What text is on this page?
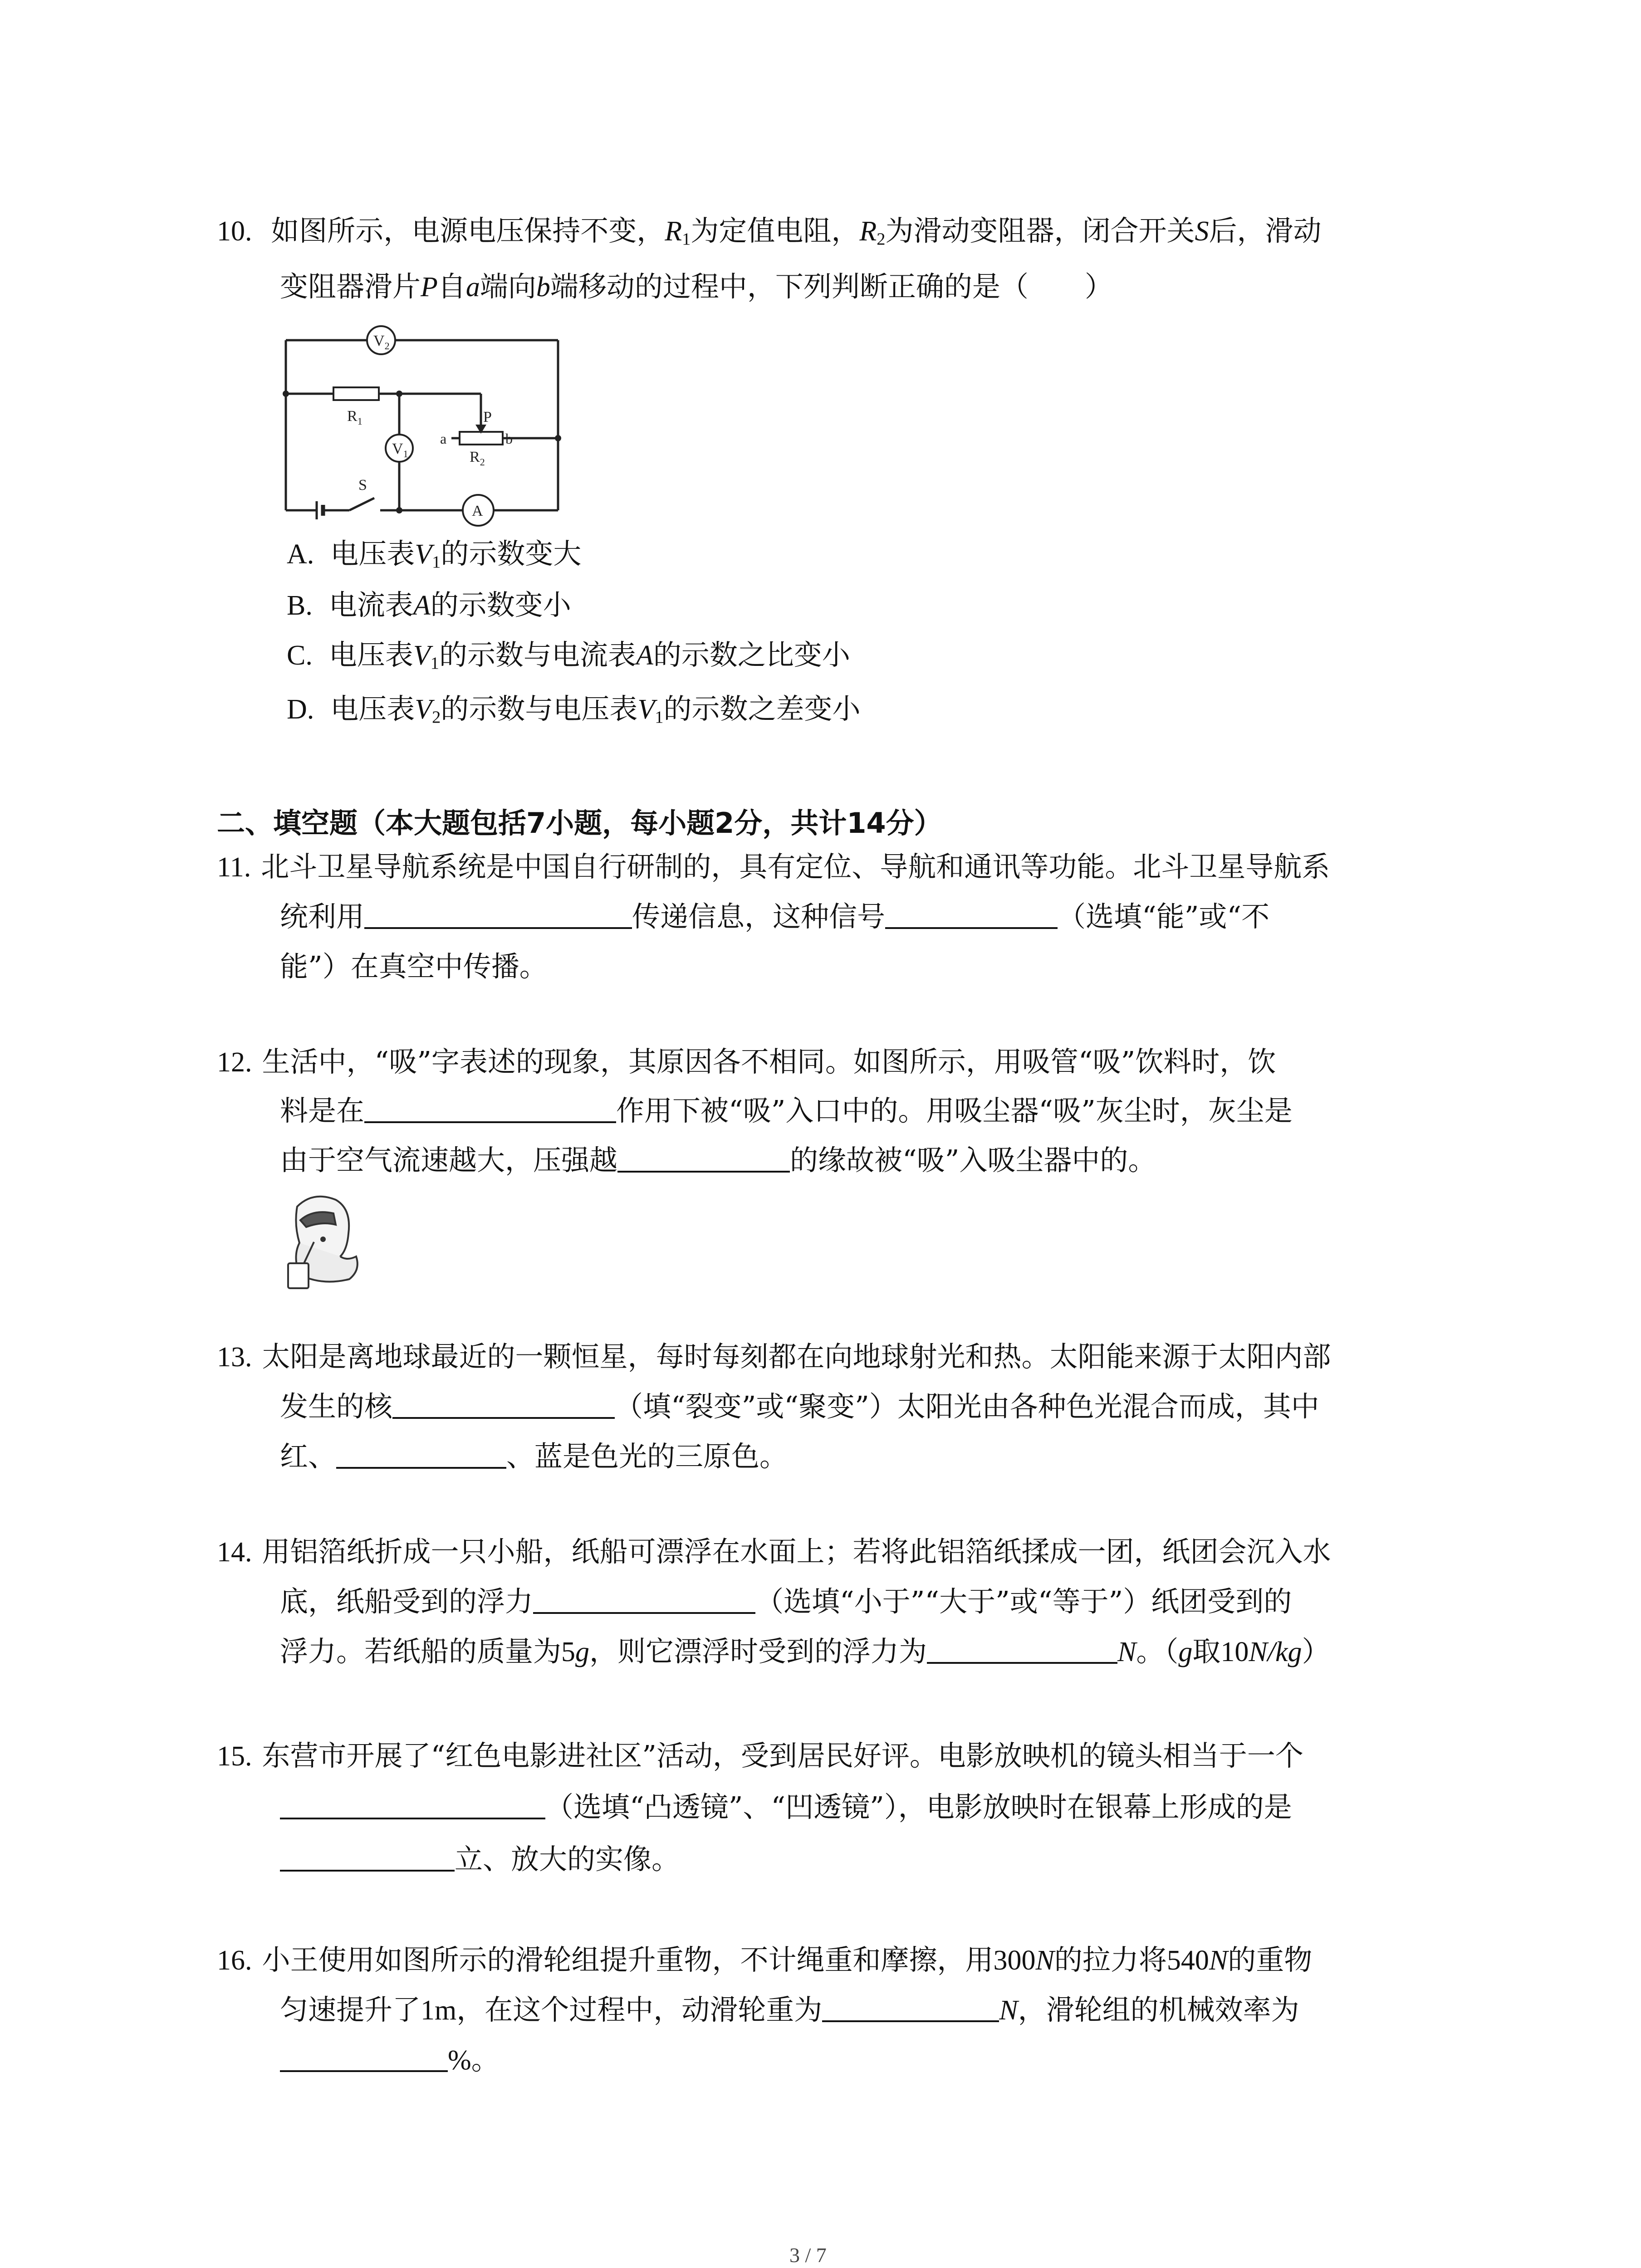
10. 如图所示，电源电压保持不变，$R_1$为定值电阻，$R_2$为滑动变阻器，闭合开关S后，滑动
变阻器滑片P自a端向b端移动的过程中，下列判断正确的是（　　）
$V_2$
$R_1$
$V_1$
P
a	b
$R_2$
S
A
A. 电压表$V_1$的示数变大
B. 电流表A的示数变小
C. 电压表$V_1$的示数与电流表A的示数之比变小
D. 电压表$V_2$的示数与电压表$V_1$的示数之差变小
二、填空题（本大题包括7小题，每小题2分，共计14分）
11. 北斗卫星导航系统是中国自行研制的，具有定位、导航和通讯等功能。北斗卫星导航系
统利用	传递信息，这种信号	（选填“能”或“不
能”）在真空中传播。
12. 生活中，“吸”字表述的现象，其原因各不相同。如图所示，用吸管“吸”饮料时，饮
料是在	作用下被“吸”入口中的。用吸尘器“吸”灰尘时，灰尘是
由于空气流速越大，压强越	的缘故被“吸”入吸尘器中的。
13. 太阳是离地球最近的一颗恒星，每时每刻都在向地球射光和热。太阳能来源于太阳内部
发生的核	（填“裂变”或“聚变”）太阳光由各种色光混合而成，其中
红、	、蓝是色光的三原色。
14. 用铝箔纸折成一只小船，纸船可漂浮在水面上；若将此铝箔纸揉成一团，纸团会沉入水
底，纸船受到的浮力	（选填“小于”“大于”或“等于”）纸团受到的
浮力。若纸船的质量为5g，则它漂浮时受到的浮力为	N。（g取10N/kg）
15. 东营市开展了“红色电影进社区”活动，受到居民好评。电影放映机的镜头相当于一个
（选填“凸透镜”、“凹透镜”），电影放映时在银幕上形成的是
立、放大的实像。
16. 小王使用如图所示的滑轮组提升重物，不计绳重和摩擦，用300N的拉力将540N的重物
匀速提升了1m，在这个过程中，动滑轮重为	N，滑轮组的机械效率为
%。
3 / 7
